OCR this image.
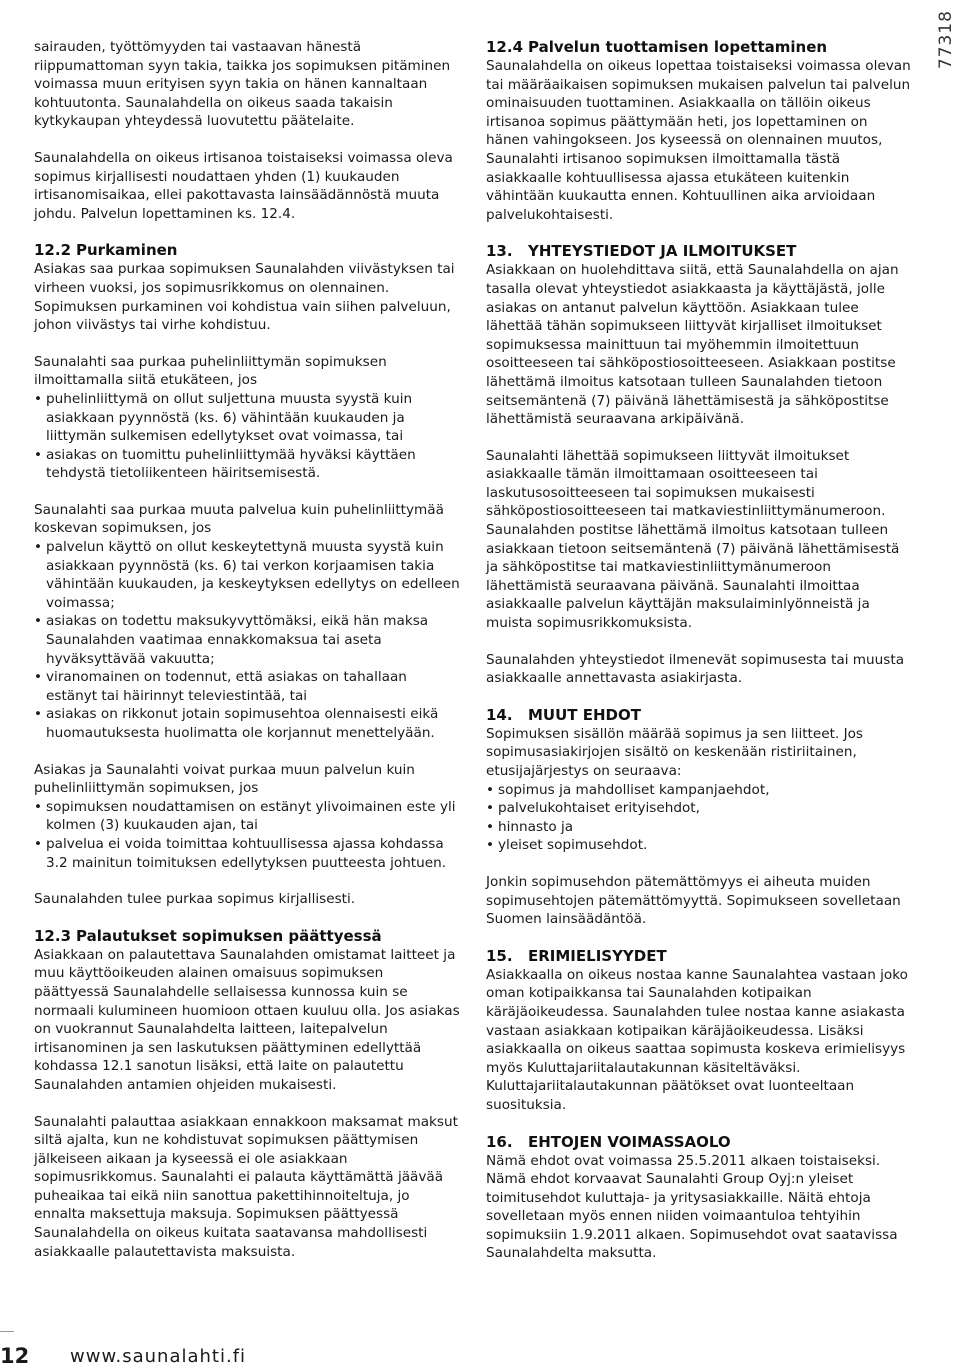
77318

sairauden, työttömyyden tai vastaavan hänestä riippumattoman syyn takia, taikka jos sopimuksen pitäminen voimassa muun erityisen syyn takia on hänen kannaltaan kohtuutonta. Saunalahdella on oikeus saada takaisin kytkykaupan yhteydessä luovutettu päätelaite.

Saunalahdella on oikeus irtisanoa toistaiseksi voimassa oleva sopimus kirjallisesti noudattaen yhden (1) kuukauden irtisanomisaikaa, ellei pakottavasta lainsäädännöstä muuta johdu. Palvelun lopettaminen ks. 12.4.

12.2 Purkaminen

Asiakas saa purkaa sopimuksen Saunalahden viivästyksen tai virheen vuoksi, jos sopimusrikkomus on olennainen. Sopimuksen purkaminen voi kohdistua vain siihen palveluun, johon viivästys tai virhe kohdistuu.

Saunalahti saa purkaa puhelinliittymän sopimuksen ilmoittamalla siitä etukäteen, jos

• puhelinliittymä on ollut suljettuna muusta syystä kuin asiakkaan pyynnöstä (ks. 6) vähintään kuukauden ja liittymän sulkemisen edellytykset ovat voimassa, tai
• asiakas on tuomittu puhelinliittymää hyväksi käyttäen tehdystä tietoliikenteen häiritsemisestä.

Saunalahti saa purkaa muuta palvelua kuin puhelinliittymää koskevan sopimuksen, jos

• palvelun käyttö on ollut keskeytettynä muusta syystä kuin asiakkaan pyynnöstä (ks. 6) tai verkon korjaamisen takia vähintään kuukauden, ja keskeytyksen edellytys on edelleen voimassa;
• asiakas on todettu maksukyvyttömäksi, eikä hän maksa Saunalahden vaatimaa ennakkomaksua tai aseta hyväksyttävää vakuutta;
• viranomainen on todennut, että asiakas on tahallaan estänyt tai häirinnyt televiestintää, tai
• asiakas on rikkonut jotain sopimusehtoa olennaisesti eikä huomautuksesta huolimatta ole korjannut menettelyään.

Asiakas ja Saunalahti voivat purkaa muun palvelun kuin puhelinliittymän sopimuksen, jos

• sopimuksen noudattamisen on estänyt ylivoimainen este yli kolmen (3) kuukauden ajan, tai
• palvelua ei voida toimittaa kohtuullisessa ajassa kohdassa 3.2 mainitun toimituksen edellytyksen puutteesta johtuen.

Saunalahden tulee purkaa sopimus kirjallisesti.

12.3 Palautukset sopimuksen päättyessä

Asiakkaan on palautettava Saunalahden omistamat laitteet ja muu käyttöoikeuden alainen omaisuus sopimuksen päättyessä Saunalahdelle sellaisessa kunnossa kuin se normaali kulumineen huomioon ottaen kuuluu olla. Jos asiakas on vuokrannut Saunalahdelta laitteen, laitepalvelun irtisanominen ja sen laskutuksen päättyminen edellyttää kohdassa 12.1 sanotun lisäksi, että laite on palautettu Saunalahden antamien ohjeiden mukaisesti.

Saunalahti palauttaa asiakkaan ennakkoon maksamat maksut siltä ajalta, kun ne kohdistuvat sopimuksen päättymisen jälkeiseen aikaan ja kyseessä ei ole asiakkaan sopimusrikkomus. Saunalahti ei palauta käyttämättä jäävää puheaikaa tai eikä niin sanottua pakettihinnoiteltuja, jo ennalta maksettuja maksuja. Sopimuksen päättyessä Saunalahdella on oikeus kuitata saatavansa mahdollisesti asiakkaalle palautettavista maksuista.

12.4 Palvelun tuottamisen lopettaminen

Saunalahdella on oikeus lopettaa toistaiseksi voimassa olevan tai määräaikaisen sopimuksen mukaisen palvelun tai palvelun ominaisuuden tuottaminen. Asiakkaalla on tällöin oikeus irtisanoa sopimus päättymään heti, jos lopettaminen on hänen vahingokseen. Jos kyseessä on olennainen muutos, Saunalahti irtisanoo sopimuksen ilmoittamalla tästä asiakkaalle kohtuullisessa ajassa etukäteen kuitenkin vähintään kuukautta ennen. Kohtuullinen aika arvioidaan palvelukohtaisesti.

13. YHTEYSTIEDOT JA ILMOITUKSET

Asiakkaan on huolehdittava siitä, että Saunalahdella on ajan tasalla olevat yhteystiedot asiakkaasta ja käyttäjästä, jolle asiakas on antanut palvelun käyttöön. Asiakkaan tulee lähettää tähän sopimukseen liittyvät kirjalliset ilmoitukset sopimuksessa mainittuun tai myöhemmin ilmoitettuun osoitteeseen tai sähköpostiosoitteeseen. Asiakkaan postitse lähettämä ilmoitus katsotaan tulleen Saunalahden tietoon seitsemäntenä (7) päivänä lähettämisestä ja sähköpostitse lähettämistä seuraavana arkipäivänä.

Saunalahti lähettää sopimukseen liittyvät ilmoitukset asiakkaalle tämän ilmoittamaan osoitteeseen tai laskutusosoitteeseen tai sopimuksen mukaisesti sähköpostiosoitteeseen tai matkaviestinliittymänumeroon. Saunalahden postitse lähettämä ilmoitus katsotaan tulleen asiakkaan tietoon seitsemäntenä (7) päivänä lähettämisestä ja sähköpostitse tai matkaviestinliittymänumeroon lähettämistä seuraavana päivänä. Saunalahti ilmoittaa asiakkaalle palvelun käyttäjän maksulaiminlyönneistä ja muista sopimusrikkomuksista.

Saunalahden yhteystiedot ilmenevät sopimusesta tai muusta asiakkaalle annettavasta asiakirjasta.

14. MUUT EHDOT

Sopimuksen sisällön määrää sopimus ja sen liitteet. Jos sopimusasiakirjojen sisältö on keskenään ristiriitainen, etusijajärjestys on seuraava:

• sopimus ja mahdolliset kampanjaehdot,
• palvelukohtaiset erityisehdot,
• hinnasto ja
• yleiset sopimusehdot.

Jonkin sopimusehdon pätemättömyys ei aiheuta muiden sopimusehtojen pätemättömyyttä. Sopimukseen sovelletaan Suomen lainsäädäntöä.

15. ERIMIELISYYDET

Asiakkaalla on oikeus nostaa kanne Saunalahtea vastaan joko oman kotipaikkansa tai Saunalahden kotipaikan käräjäoikeudessa. Saunalahden tulee nostaa kanne asiakasta vastaan asiakkaan kotipaikan käräjäoikeudessa. Lisäksi asiakkaalla on oikeus saattaa sopimusta koskeva erimielisyys myös Kuluttajariitalautakunnan käsiteltäväksi. Kuluttajariitalautakunnan päätökset ovat luonteeltaan suosituksia.

16. EHTOJEN VOIMASSAOLO

Nämä ehdot ovat voimassa 25.5.2011 alkaen toistaiseksi. Nämä ehdot korvaavat Saunalahti Group Oyj:n yleiset toimitusehdot kuluttaja- ja yritysasiakkaille. Näitä ehtoja sovelletaan myös ennen niiden voimaantuloa tehtyihin sopimuksiin 1.9.2011 alkaen. Sopimusehdot ovat saatavissa Saunalahdelta maksutta.

12 www.saunalahti.fi
